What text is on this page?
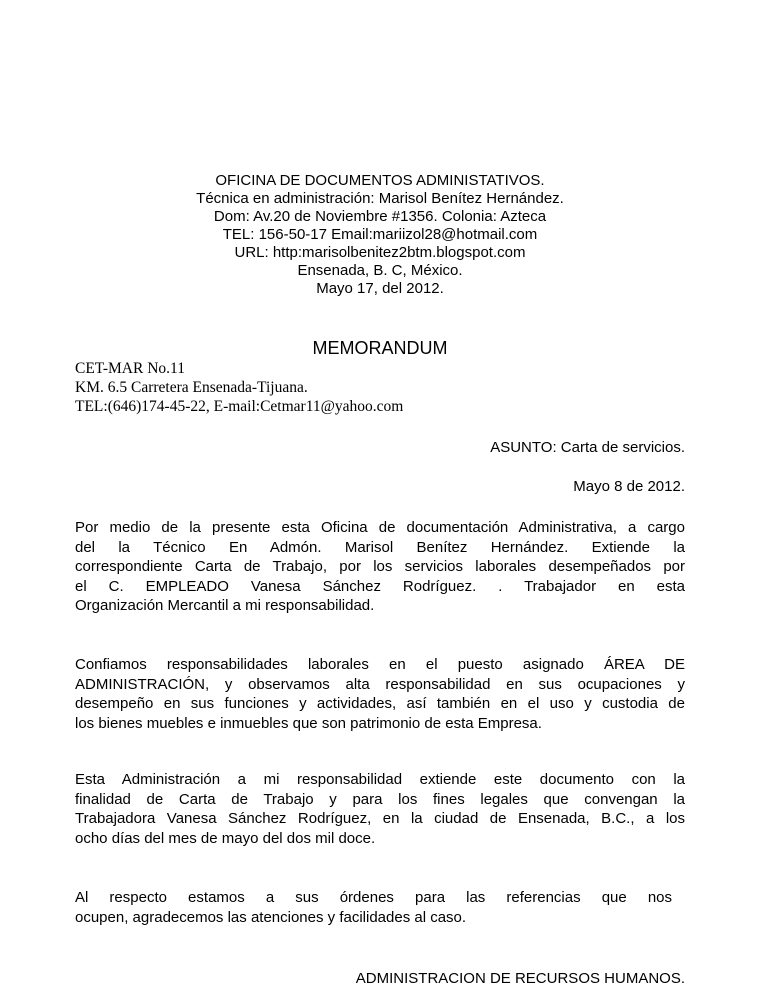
OFICINA DE DOCUMENTOS ADMINISTATIVOS.
Técnica en administración: Marisol Benítez Hernández.
Dom: Av.20 de Noviembre #1356. Colonia: Azteca
TEL: 156-50-17 Email:mariizol28@hotmail.com
URL: http:marisolbenitez2btm.blogspot.com
Ensenada, B. C, México.
Mayo 17, del 2012.
MEMORANDUM
CET-MAR No.11
KM. 6.5 Carretera Ensenada-Tijuana.
TEL:(646)174-45-22, E-mail:Cetmar11@yahoo.com
ASUNTO: Carta de servicios.
Mayo 8 de 2012.
Por medio de la presente esta Oficina de documentación Administrativa, a cargo
del la Técnico En Admón. Marisol Benítez Hernández. Extiende la
correspondiente Carta de Trabajo, por los servicios laborales desempeñados por
el C. EMPLEADO Vanesa Sánchez Rodríguez. . Trabajador en esta
Organización Mercantil a mi responsabilidad.
Confiamos responsabilidades laborales en el puesto asignado ÁREA DE
ADMINISTRACIÓN, y observamos alta responsabilidad en sus ocupaciones y
desempeño en sus funciones y actividades, así también en el uso y custodia de
los bienes muebles e inmuebles que son patrimonio de esta Empresa.
Esta Administración a mi responsabilidad extiende este documento con la
finalidad de Carta de Trabajo y para los fines legales que convengan la
Trabajadora Vanesa Sánchez Rodríguez, en la ciudad de Ensenada, B.C., a los
ocho días del mes de mayo del dos mil doce.
Al respecto estamos a sus órdenes para las referencias que nos
ocupen, agradecemos las atenciones y facilidades al caso.
ADMINISTRACION DE RECURSOS HUMANOS.
